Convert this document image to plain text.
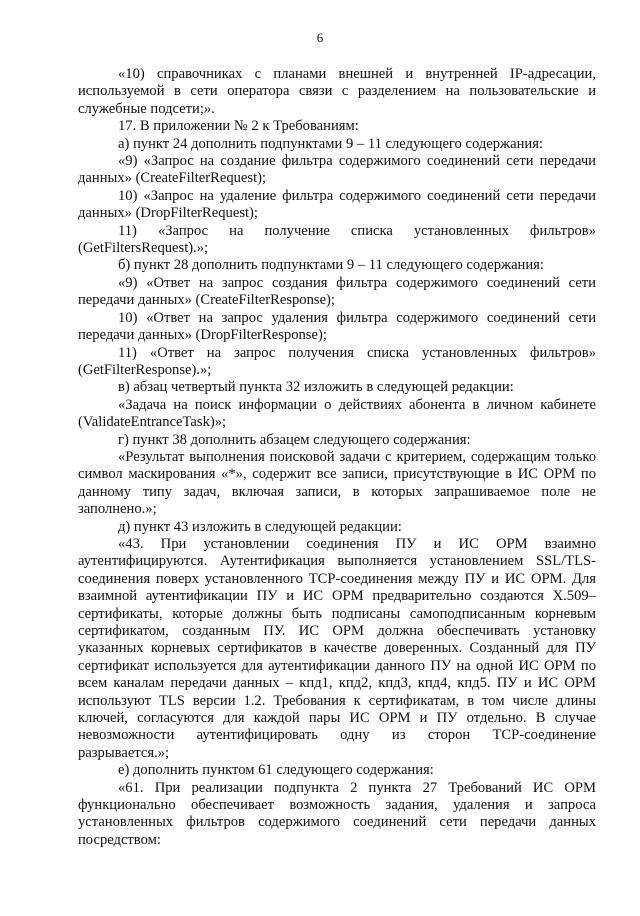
6

«10) справочниках с планами внешней и внутренней IP-адресации, используемой в сети оператора связи с разделением на пользовательские и служебные подсети;».

17. В приложении № 2 к Требованиям:

а) пункт 24 дополнить подпунктами 9 – 11 следующего содержания:

«9) «Запрос на создание фильтра содержимого соединений сети передачи данных» (CreateFilterRequest);

10) «Запрос на удаление фильтра содержимого соединений сети передачи данных» (DropFilterRequest);

11) «Запрос на получение списка установленных фильтров» (GetFiltersRequest).»;

б) пункт 28 дополнить подпунктами 9 – 11 следующего содержания:

«9) «Ответ на запрос создания фильтра содержимого соединений сети передачи данных» (CreateFilterResponse);

10) «Ответ на запрос удаления фильтра содержимого соединений сети передачи данных» (DropFilterResponse);

11) «Ответ на запрос получения списка установленных фильтров» (GetFilterResponse).»;

в) абзац четвертый пункта 32 изложить в следующей редакции:

«Задача на поиск информации о действиях абонента в личном кабинете (ValidateEntranceTask)»;

г) пункт 38 дополнить абзацем следующего содержания:

«Результат выполнения поисковой задачи с критерием, содержащим только символ маскирования «*», содержит все записи, присутствующие в ИС ОРМ по данному типу задач, включая записи, в которых запрашиваемое поле не заполнено.»;

д) пункт 43 изложить в следующей редакции:

«43. При установлении соединения ПУ и ИС ОРМ взаимно аутентифицируются. Аутентификация выполняется установлением SSL/TLS-соединения поверх установленного TCP-соединения между ПУ и ИС ОРМ. Для взаимной аутентификации ПУ и ИС ОРМ предварительно создаются X.509–сертификаты, которые должны быть подписаны самоподписанным корневым сертификатом, созданным ПУ. ИС ОРМ должна обеспечивать установку указанных корневых сертификатов в качестве доверенных. Созданный для ПУ сертификат используется для аутентификации данного ПУ на одной ИС ОРМ по всем каналам передачи данных – кпд1, кпд2, кпд3, кпд4, кпд5. ПУ и ИС ОРМ используют TLS версии 1.2. Требования к сертификатам, в том числе длины ключей, согласуются для каждой пары ИС ОРМ и ПУ отдельно. В случае невозможности аутентифицировать одну из сторон TCP-соединение разрывается.»;

е) дополнить пунктом 61 следующего содержания:

«61. При реализации подпункта 2 пункта 27 Требований ИС ОРМ функционально обеспечивает возможность задания, удаления и запроса установленных фильтров содержимого соединений сети передачи данных посредством:
